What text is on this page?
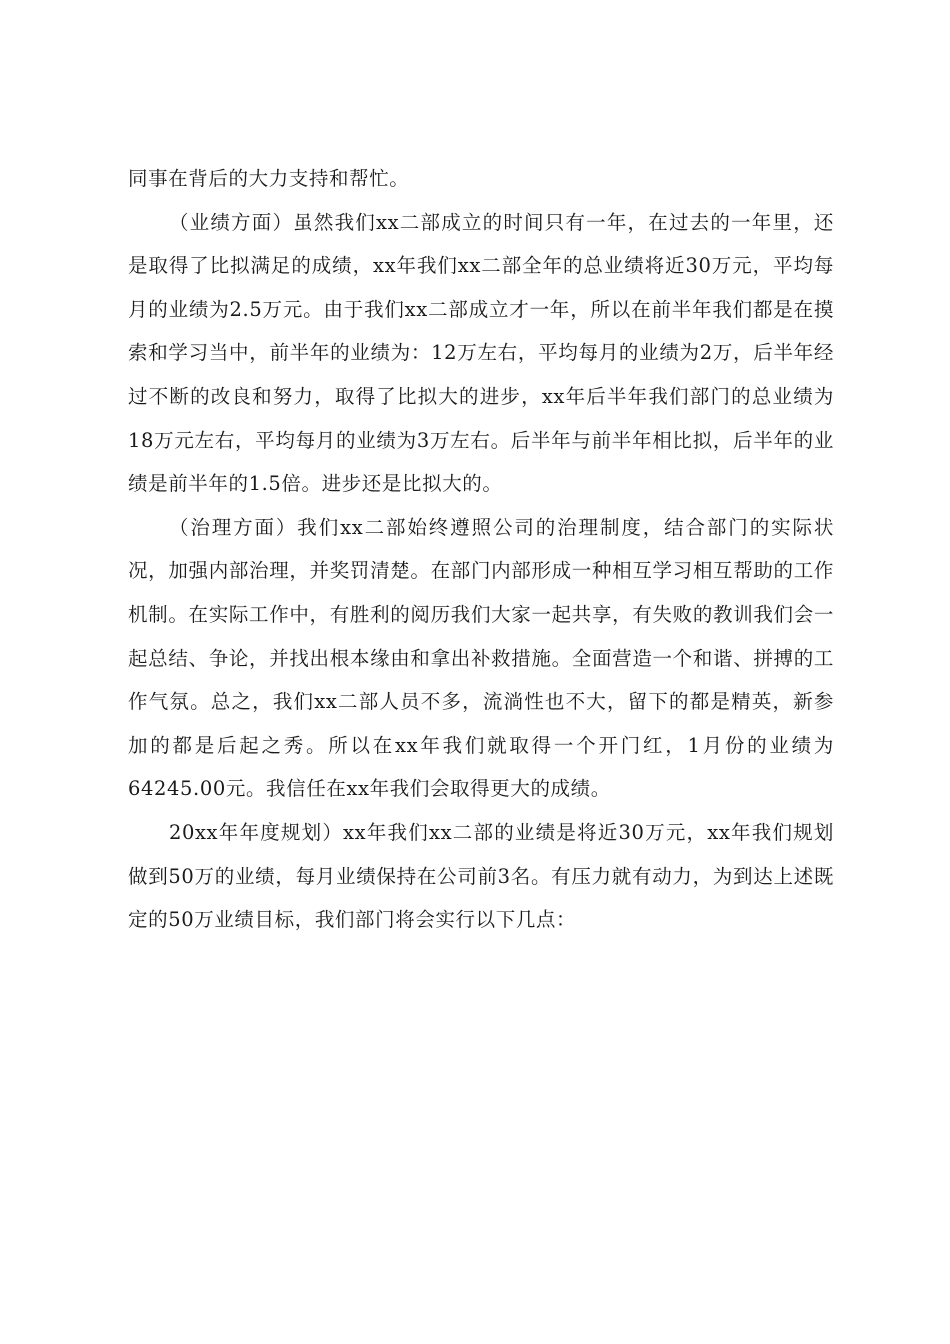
同事在背后的大力支持和帮忙。

（业绩方面）虽然我们xx二部成立的时间只有一年，在过去的一年里，还是取得了比拟满足的成绩，xx年我们xx二部全年的总业绩将近30万元，平均每月的业绩为2.5万元。由于我们xx二部成立才一年，所以在前半年我们都是在摸索和学习当中，前半年的业绩为：12万左右，平均每月的业绩为2万，后半年经过不断的改良和努力，取得了比拟大的进步，xx年后半年我们部门的总业绩为18万元左右，平均每月的业绩为3万左右。后半年与前半年相比拟，后半年的业绩是前半年的1.5倍。进步还是比拟大的。

（治理方面）我们xx二部始终遵照公司的治理制度，结合部门的实际状况，加强内部治理，并奖罚清楚。在部门内部形成一种相互学习相互帮助的工作机制。在实际工作中，有胜利的阅历我们大家一起共享，有失败的教训我们会一起总结、争论，并找出根本缘由和拿出补救措施。全面营造一个和谐、拼搏的工作气氛。总之，我们xx二部人员不多，流淌性也不大，留下的都是精英，新参加的都是后起之秀。所以在xx年我们就取得一个开门红，1月份的业绩为64245.00元。我信任在xx年我们会取得更大的成绩。

20xx年年度规划）xx年我们xx二部的业绩是将近30万元，xx年我们规划做到50万的业绩，每月业绩保持在公司前3名。有压力就有动力，为到达上述既定的50万业绩目标，我们部门将会实行以下几点：
